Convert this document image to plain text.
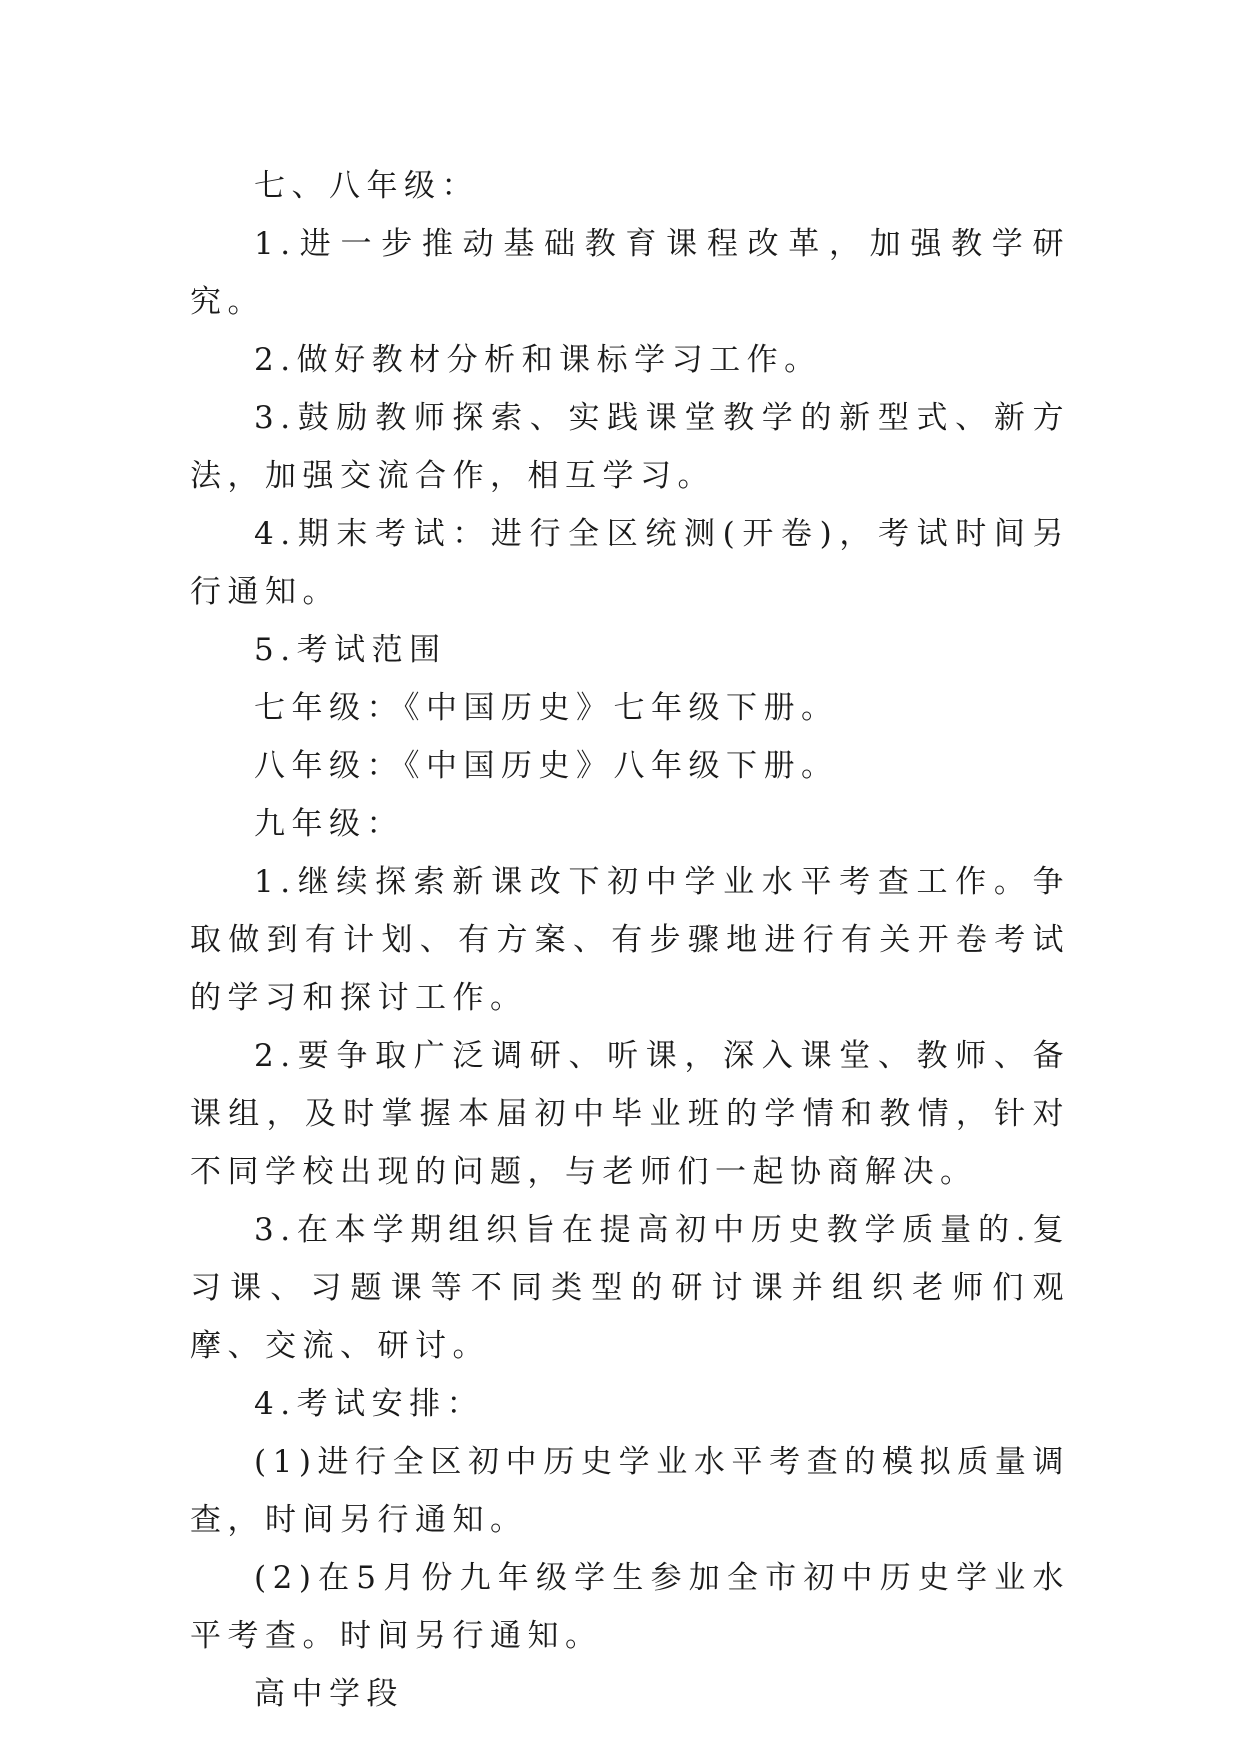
七、八年级：

1.进一步推动基础教育课程改革，加强教学研究。

2.做好教材分析和课标学习工作。

3.鼓励教师探索、实践课堂教学的新型式、新方法，加强交流合作，相互学习。

4.期末考试：进行全区统测(开卷)，考试时间另行通知。

5.考试范围

七年级：《中国历史》七年级下册。

八年级：《中国历史》八年级下册。

九年级：

1.继续探索新课改下初中学业水平考查工作。争取做到有计划、有方案、有步骤地进行有关开卷考试的学习和探讨工作。

2.要争取广泛调研、听课，深入课堂、教师、备课组，及时掌握本届初中毕业班的学情和教情，针对不同学校出现的问题，与老师们一起协商解决。

3.在本学期组织旨在提高初中历史教学质量的.复习课、习题课等不同类型的研讨课并组织老师们观摩、交流、研讨。

4.考试安排：

(1)进行全区初中历史学业水平考查的模拟质量调查，时间另行通知。

(2)在5月份九年级学生参加全市初中历史学业水平考查。时间另行通知。

高中学段
